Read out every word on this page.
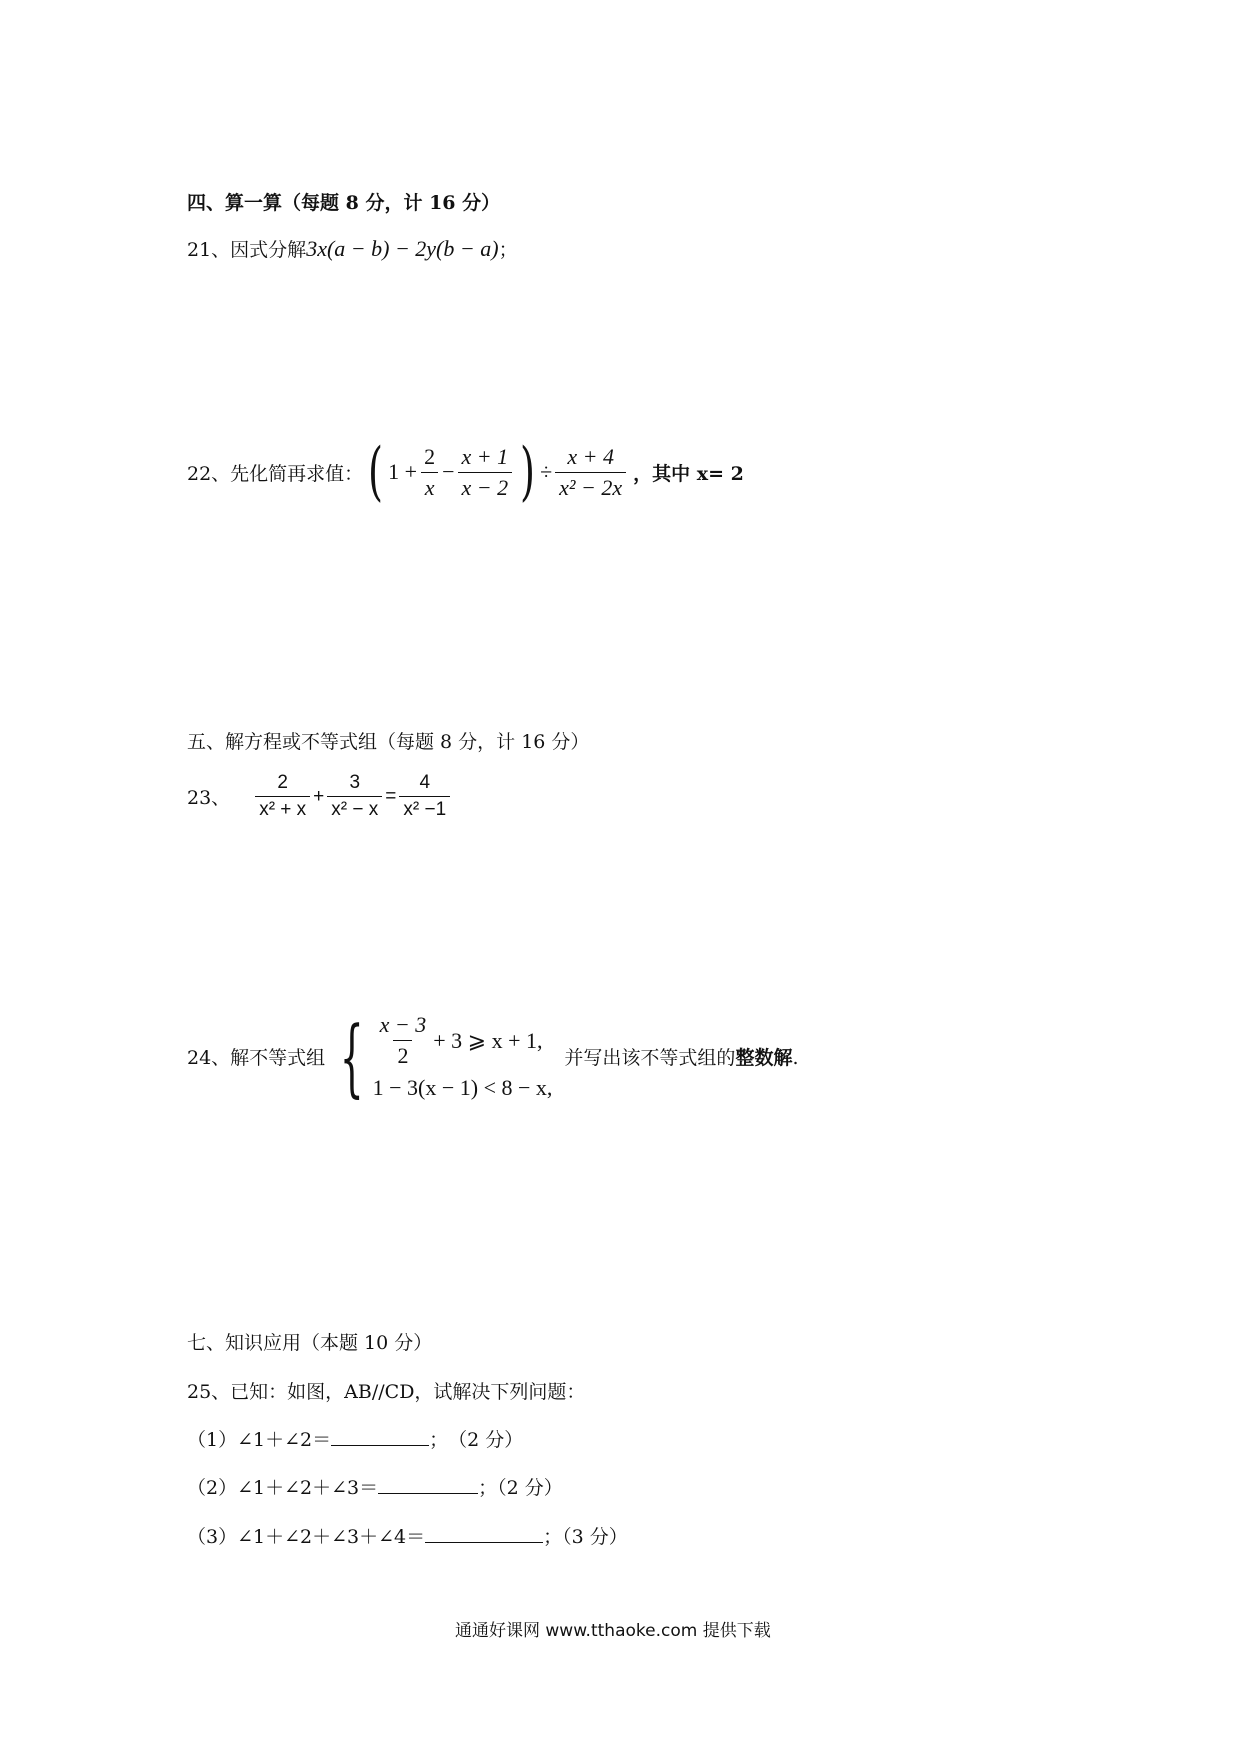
四、算一算（每题 8 分，计 16 分）
21、因式分解3x(a − b) − 2y(b − a)；
22、先化简再求值： ( $1 + \frac{2}{x} - \frac{x + 1}{x - 2}$ ) ÷ $\frac{x + 4}{\text{x² − 2x}}$ ，其中 x= 2
五、解方程或不等式组（每题 8 分，计 16 分）
23、 $\frac{2}{\text{x² + x}} + \frac{3}{\text{x² − x}} = \frac{4}{\text{x² −1}}$
24、解不等式组 { $\frac{x - 3}{2} + 3$ ⩾ x + 1,
1 − 3(x − 1) < 8 − x,
并写出该不等式组的整数解.
七、知识应用（本题 10 分）
25、已知：如图，AB//CD，试解决下列问题：
（1）∠1＋∠2＝	；　（2 分）
（2）∠1＋∠2＋∠3＝	；（2 分）
（3）∠1＋∠2＋∠3＋∠4＝	；（3 分）
通通好课网 www.tthaoke.com 提供下载
